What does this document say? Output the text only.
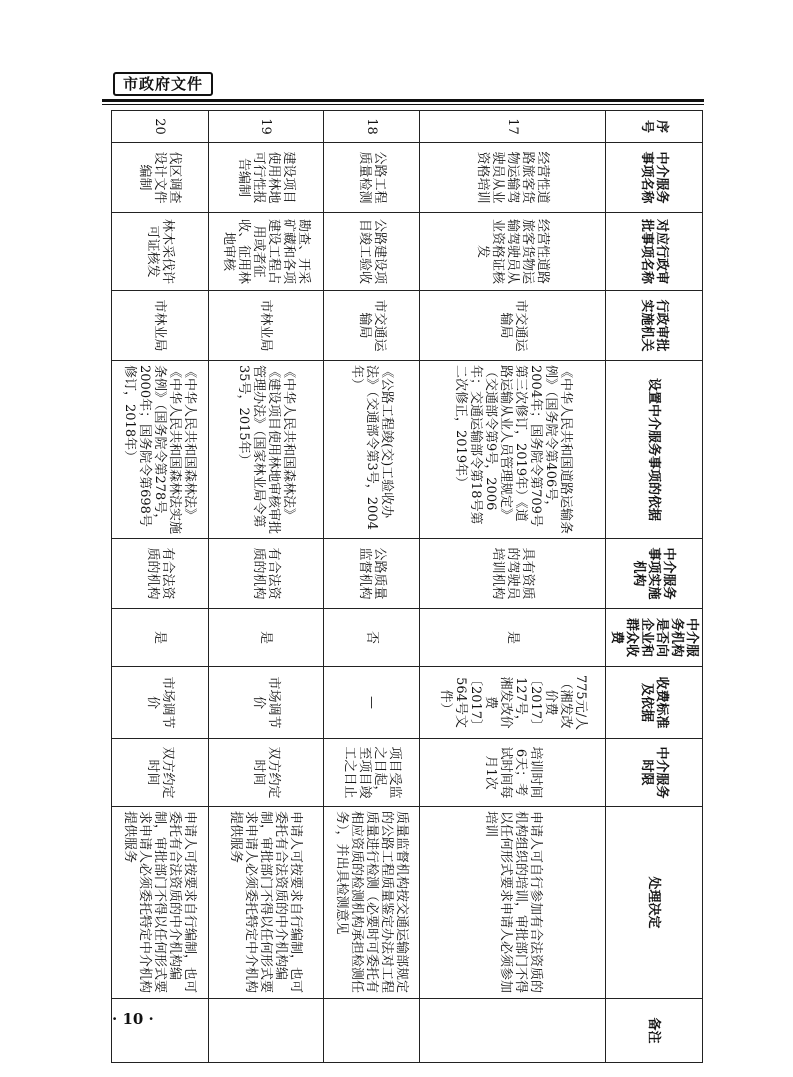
市政府文件
序号	中介服务事项名称	对应行政审批事项名称	行政审批实施机关	设置中介服务事项的依据	中介服务事项实施机构	中介服务机构是否向企业和群众收费	收费标准及依据	中介服务时限	处理决定	备注
17	经营性道路旅客货物运输驾驶员从业资格培训	经营性道路旅客货物运输驾驶员从业资格证核发	市交通运输局	《中华人民共和国道路运输条例》（国务院令第406号，2004年；国务院令第709号第三次修订，2019年）《道路运输从业人员管理规定》（交通部令第9号，2006年；交通运输部令第18号第二次修正，2019年）	具有资质的驾驶员培训机构	是	775元/人（湘发改价费〔2017〕127号，湘发改价费〔2017〕564号文件）	培训时间6天；考试时间每月1次	申请人可自行参加有合法资质的机构组织的培训，审批部门不得以任何形式要求申请人必须参加培训	
18	公路工程质量检测	公路建设项目竣工验收	市交通运输局	《公路工程竣(交)工验收办法》（交通部令第3号，2004年）	公路质量监督机构	否	—	项目受监之日起，至项目竣工之日止	质量监督机构按交通运输部规定的公路工程质量鉴定办法对工程质量进行检测（必要时可委托有相应资质的检测机构承担检测任务），并出具检测意见	
19	建设项目使用林地可行性报告编制	勘查、开采矿藏和各项建设工程占用或者征收、征用林地审核	市林业局	《中华人民共和国森林法》《建设项目使用林地审核审批管理办法》（国家林业局令第35号，2015年）	有合法资质的机构	是	市场调节价	双方约定时间	申请人可按要求自行编制，也可委托有合法资质的中介机构编制，审批部门不得以任何形式要求申请人必须委托特定中介机构提供服务	
20	伐区调查设计文件编制	林木采伐许可证核发	市林业局	《中华人民共和国森林法》《中华人民共和国森林法实施条例》（国务院令第278号，2000年；国务院令第698号修订，2018年）	有合法资质的机构	是	市场调节价	双方约定时间	申请人可按要求自行编制，也可委托有合法资质的中介机构编制，审批部门不得以任何形式要求申请人必须委托特定中介机构提供服务	
· 10 ·
